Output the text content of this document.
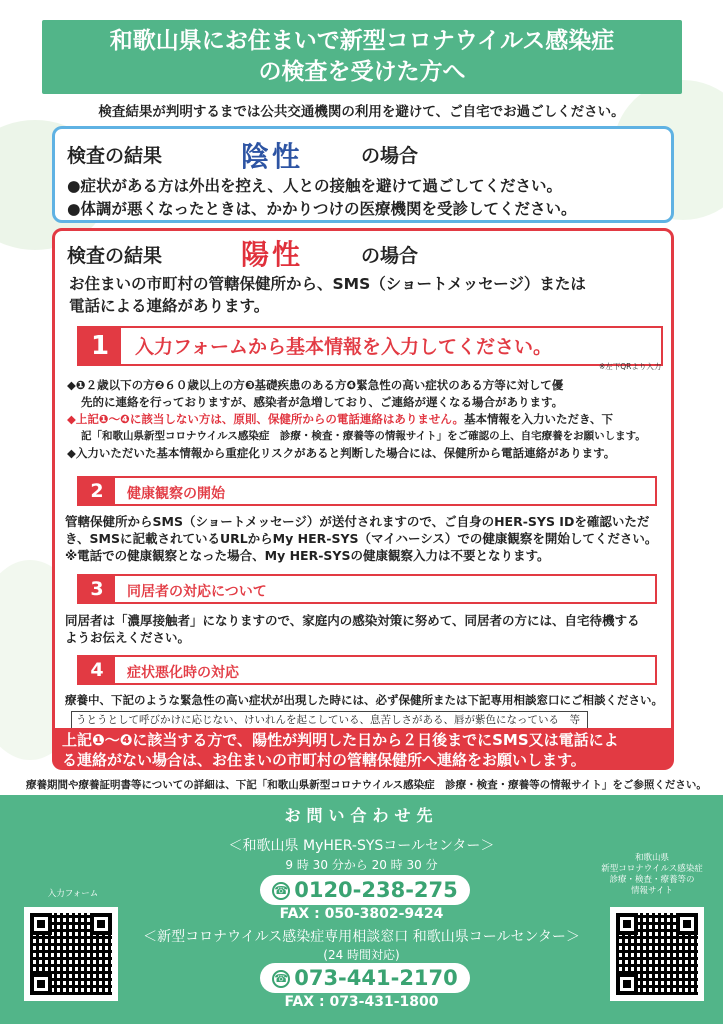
和歌山県にお住まいで新型コロナウイルス感染症
の検査を受けた方へ
検査結果が判明するまでは公共交通機関の利用を避けて、ご自宅でお過ごしください。
検査の結果	陰性	の場合
●症状がある方は外出を控え、人との接触を避けて過ごしてください。
●体調が悪くなったときは、かかりつけの医療機関を受診してください。
検査の結果	陽性	の場合
お住まいの市町村の管轄保健所から、SMS（ショートメッセージ）または
電話による連絡があります。
1	入力フォームから基本情報を入力してください。
※左下QRより入力
◆❶２歳以下の方❷６０歳以上の方❸基礎疾患のある方❹緊急性の高い症状のある方等に対して優
先的に連絡を行っておりますが、感染者が急増しており、ご連絡が遅くなる場合があります。
◆上記❶～❹に該当しない方は、原則、保健所からの電話連絡はありません。基本情報を入力いただき、下
記「和歌山県新型コロナウイルス感染症　診療・検査・療養等の情報サイト」をご確認の上、自宅療養をお願いします。
◆入力いただいた基本情報から重症化リスクがあると判断した場合には、保健所から電話連絡があります。
2	健康観察の開始
管轄保健所からSMS（ショートメッセージ）が送付されますので、ご自身のHER-SYS IDを確認いただ
き、SMSに記載されているURLからMy HER-SYS（マイハーシス）での健康観察を開始してください。
※電話での健康観察となった場合、My HER-SYSの健康観察入力は不要となります。
3	同居者の対応について
同居者は「濃厚接触者」になりますので、家庭内の感染対策に努めて、同居者の方には、自宅待機する
ようお伝えください。
4	症状悪化時の対応
療養中、下記のような緊急性の高い症状が出現した時には、必ず保健所または下記専用相談窓口にご相談ください。
うとうとして呼びかけに応じない、けいれんを起こしている、息苦しさがある、唇が紫色になっている　等
上記❶～❹に該当する方で、陽性が判明した日から２日後までにSMS又は電話によ
る連絡がない場合は、お住まいの市町村の管轄保健所へ連絡をお願いします。
療養期間や療養証明書等についての詳細は、下記「和歌山県新型コロナウイルス感染症　診療・検査・療養等の情報サイト」をご参照ください。
お問い合わせ先
＜和歌山県 MyHER-SYSコールセンター＞
9 時 30 分から 20 時 30 分
☎ 0120-238-275
FAX : 050-3802-9424
＜新型コロナウイルス感染症専用相談窓口 和歌山県コールセンター＞
(24 時間対応)
☎ 073-441-2170
FAX : 073-431-1800
入力フォーム
和歌山県
新型コロナウイルス感染症
診療・検査・療養等の
情報サイト
